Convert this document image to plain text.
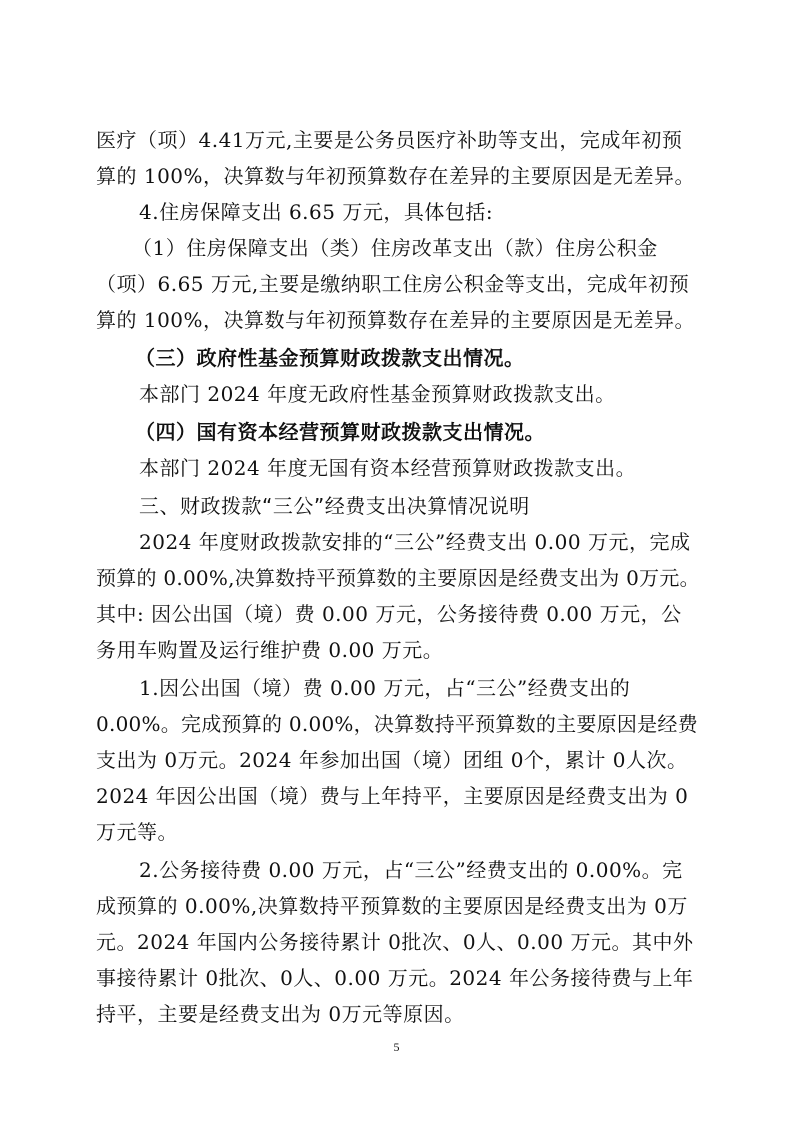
医疗（项）4.41万元,主要是公务员医疗补助等支出，完成年初预
算的 100%，决算数与年初预算数存在差异的主要原因是无差异。
4.住房保障支出 6.65 万元，具体包括:
（1）住房保障支出（类）住房改革支出（款）住房公积金
（项）6.65 万元,主要是缴纳职工住房公积金等支出，完成年初预
算的 100%，决算数与年初预算数存在差异的主要原因是无差异。
（三）政府性基金预算财政拨款支出情况。
本部门 2024 年度无政府性基金预算财政拨款支出。
（四）国有资本经营预算财政拨款支出情况。
本部门 2024 年度无国有资本经营预算财政拨款支出。
三、财政拨款“三公”经费支出决算情况说明
2024 年度财政拨款安排的“三公”经费支出 0.00 万元，完成
预算的 0.00%,决算数持平预算数的主要原因是经费支出为 0万元。
其中: 因公出国（境）费 0.00 万元，公务接待费 0.00 万元，公
务用车购置及运行维护费 0.00 万元。
1.因公出国（境）费 0.00 万元，占“三公”经费支出的
0.00%。完成预算的 0.00%，决算数持平预算数的主要原因是经费
支出为 0万元。2024 年参加出国（境）团组 0个，累计 0人次。
2024 年因公出国（境）费与上年持平，主要原因是经费支出为 0
万元等。
2.公务接待费 0.00 万元，占“三公”经费支出的 0.00%。完
成预算的 0.00%,决算数持平预算数的主要原因是经费支出为 0万
元。2024 年国内公务接待累计 0批次、0人、0.00 万元。其中外
事接待累计 0批次、0人、0.00 万元。2024 年公务接待费与上年
持平，主要是经费支出为 0万元等原因。
5
